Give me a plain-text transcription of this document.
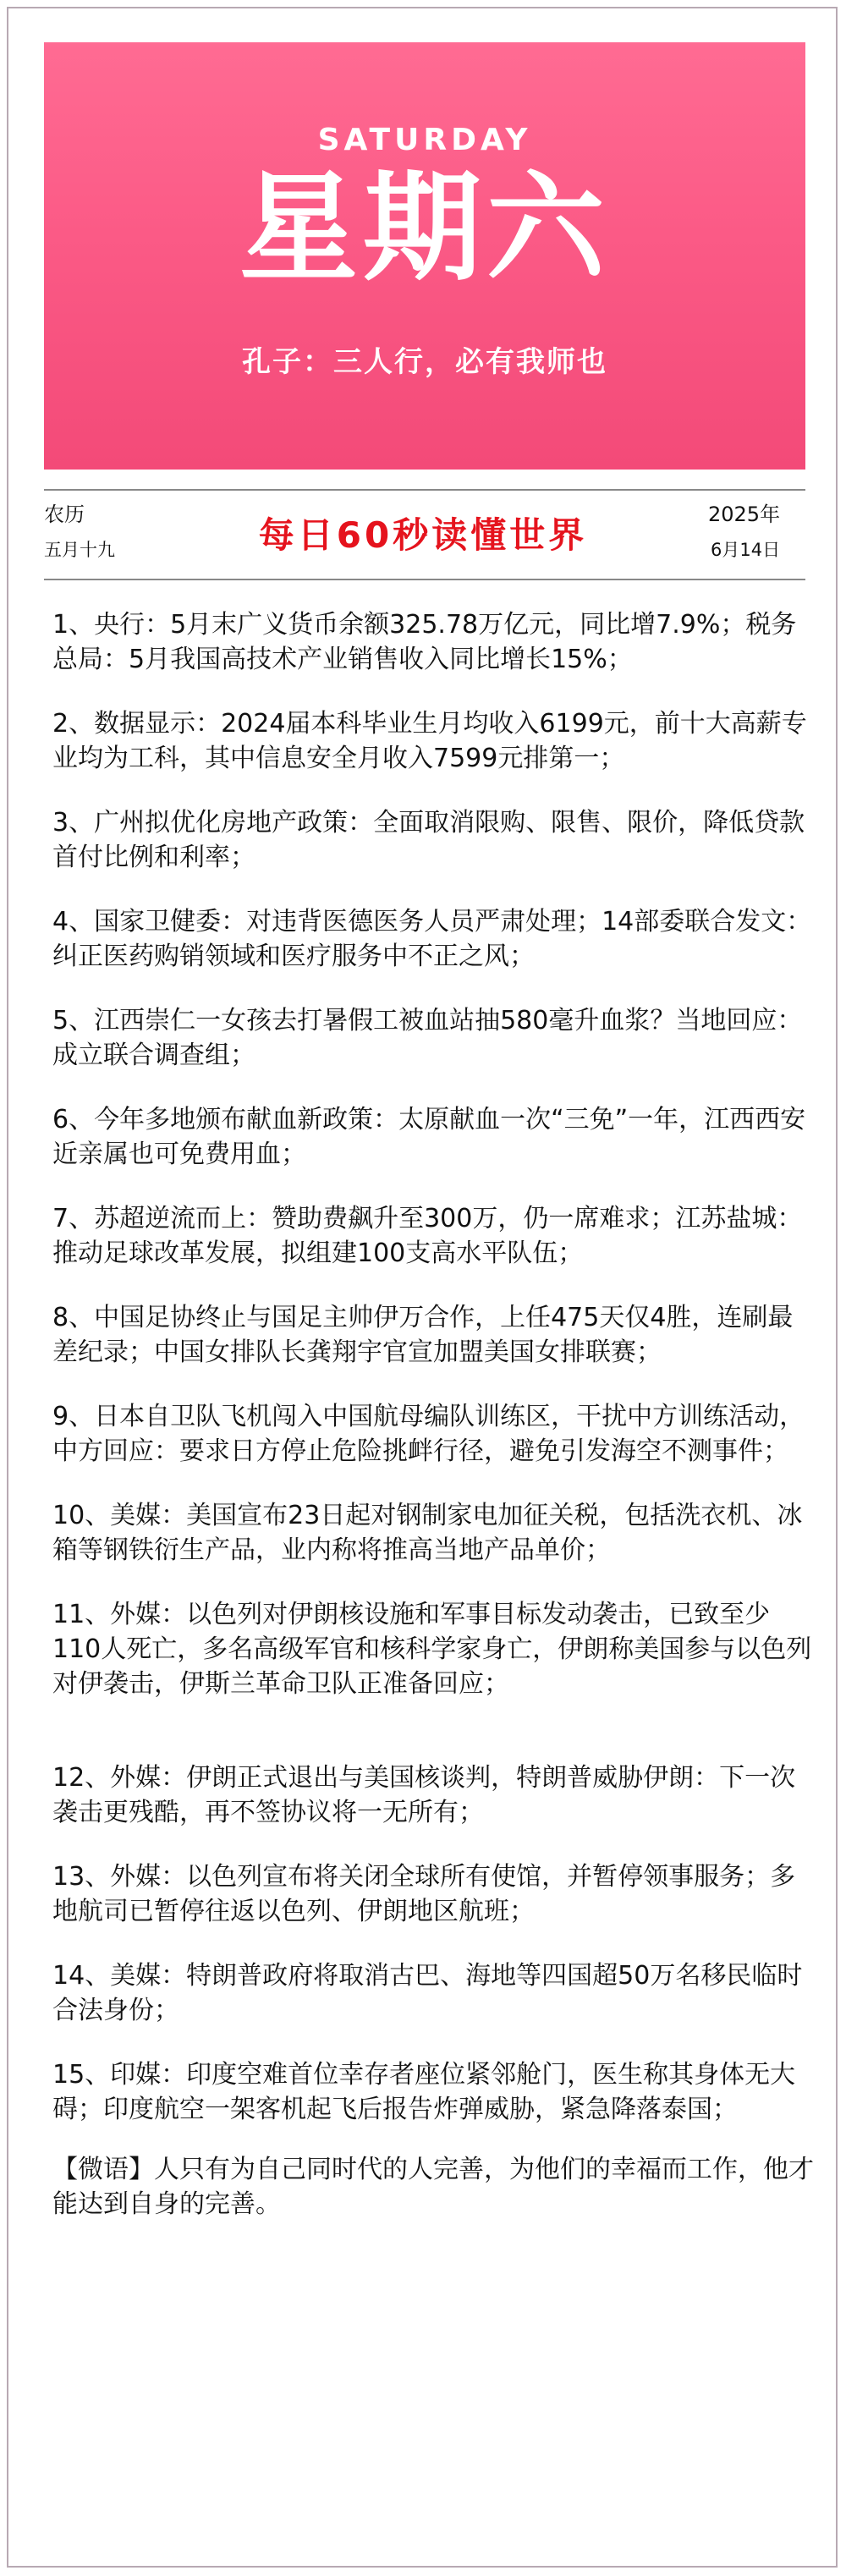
SATURDAY
星期六
孔子：三人行，必有我师也
农历
五月十九	每日60秒读懂世界	2025年
6月14日
1、央行：5月末广义货币余额325.78万亿元，同比增7.9%；税务总局：5月我国高技术产业销售收入同比增长15%；
2、数据显示：2024届本科毕业生月均收入6199元，前十大高薪专业均为工科，其中信息安全月收入7599元排第一；
3、广州拟优化房地产政策：全面取消限购、限售、限价，降低贷款首付比例和利率；
4、国家卫健委：对违背医德医务人员严肃处理；14部委联合发文：纠正医药购销领域和医疗服务中不正之风；
5、江西崇仁一女孩去打暑假工被血站抽580毫升血浆？当地回应：成立联合调查组；
6、今年多地颁布献血新政策：太原献血一次“三免”一年，江西西安近亲属也可免费用血；
7、苏超逆流而上：赞助费飙升至300万，仍一席难求；江苏盐城：推动足球改革发展，拟组建100支高水平队伍；
8、中国足协终止与国足主帅伊万合作，上任475天仅4胜，连刷最差纪录；中国女排队长龚翔宇官宣加盟美国女排联赛；
9、日本自卫队飞机闯入中国航母编队训练区，干扰中方训练活动，中方回应：要求日方停止危险挑衅行径，避免引发海空不测事件；
10、美媒：美国宣布23日起对钢制家电加征关税，包括洗衣机、冰箱等钢铁衍生产品，业内称将推高当地产品单价；
11、外媒：以色列对伊朗核设施和军事目标发动袭击，已致至少110人死亡，多名高级军官和核科学家身亡，伊朗称美国参与以色列对伊袭击，伊斯兰革命卫队正准备回应；
12、外媒：伊朗正式退出与美国核谈判，特朗普威胁伊朗：下一次袭击更残酷，再不签协议将一无所有；
13、外媒：以色列宣布将关闭全球所有使馆，并暂停领事服务；多地航司已暂停往返以色列、伊朗地区航班；
14、美媒：特朗普政府将取消古巴、海地等四国超50万名移民临时合法身份；
15、印媒：印度空难首位幸存者座位紧邻舱门，医生称其身体无大碍；印度航空一架客机起飞后报告炸弹威胁，紧急降落泰国；
【微语】人只有为自己同时代的人完善，为他们的幸福而工作，他才能达到自身的完善。
